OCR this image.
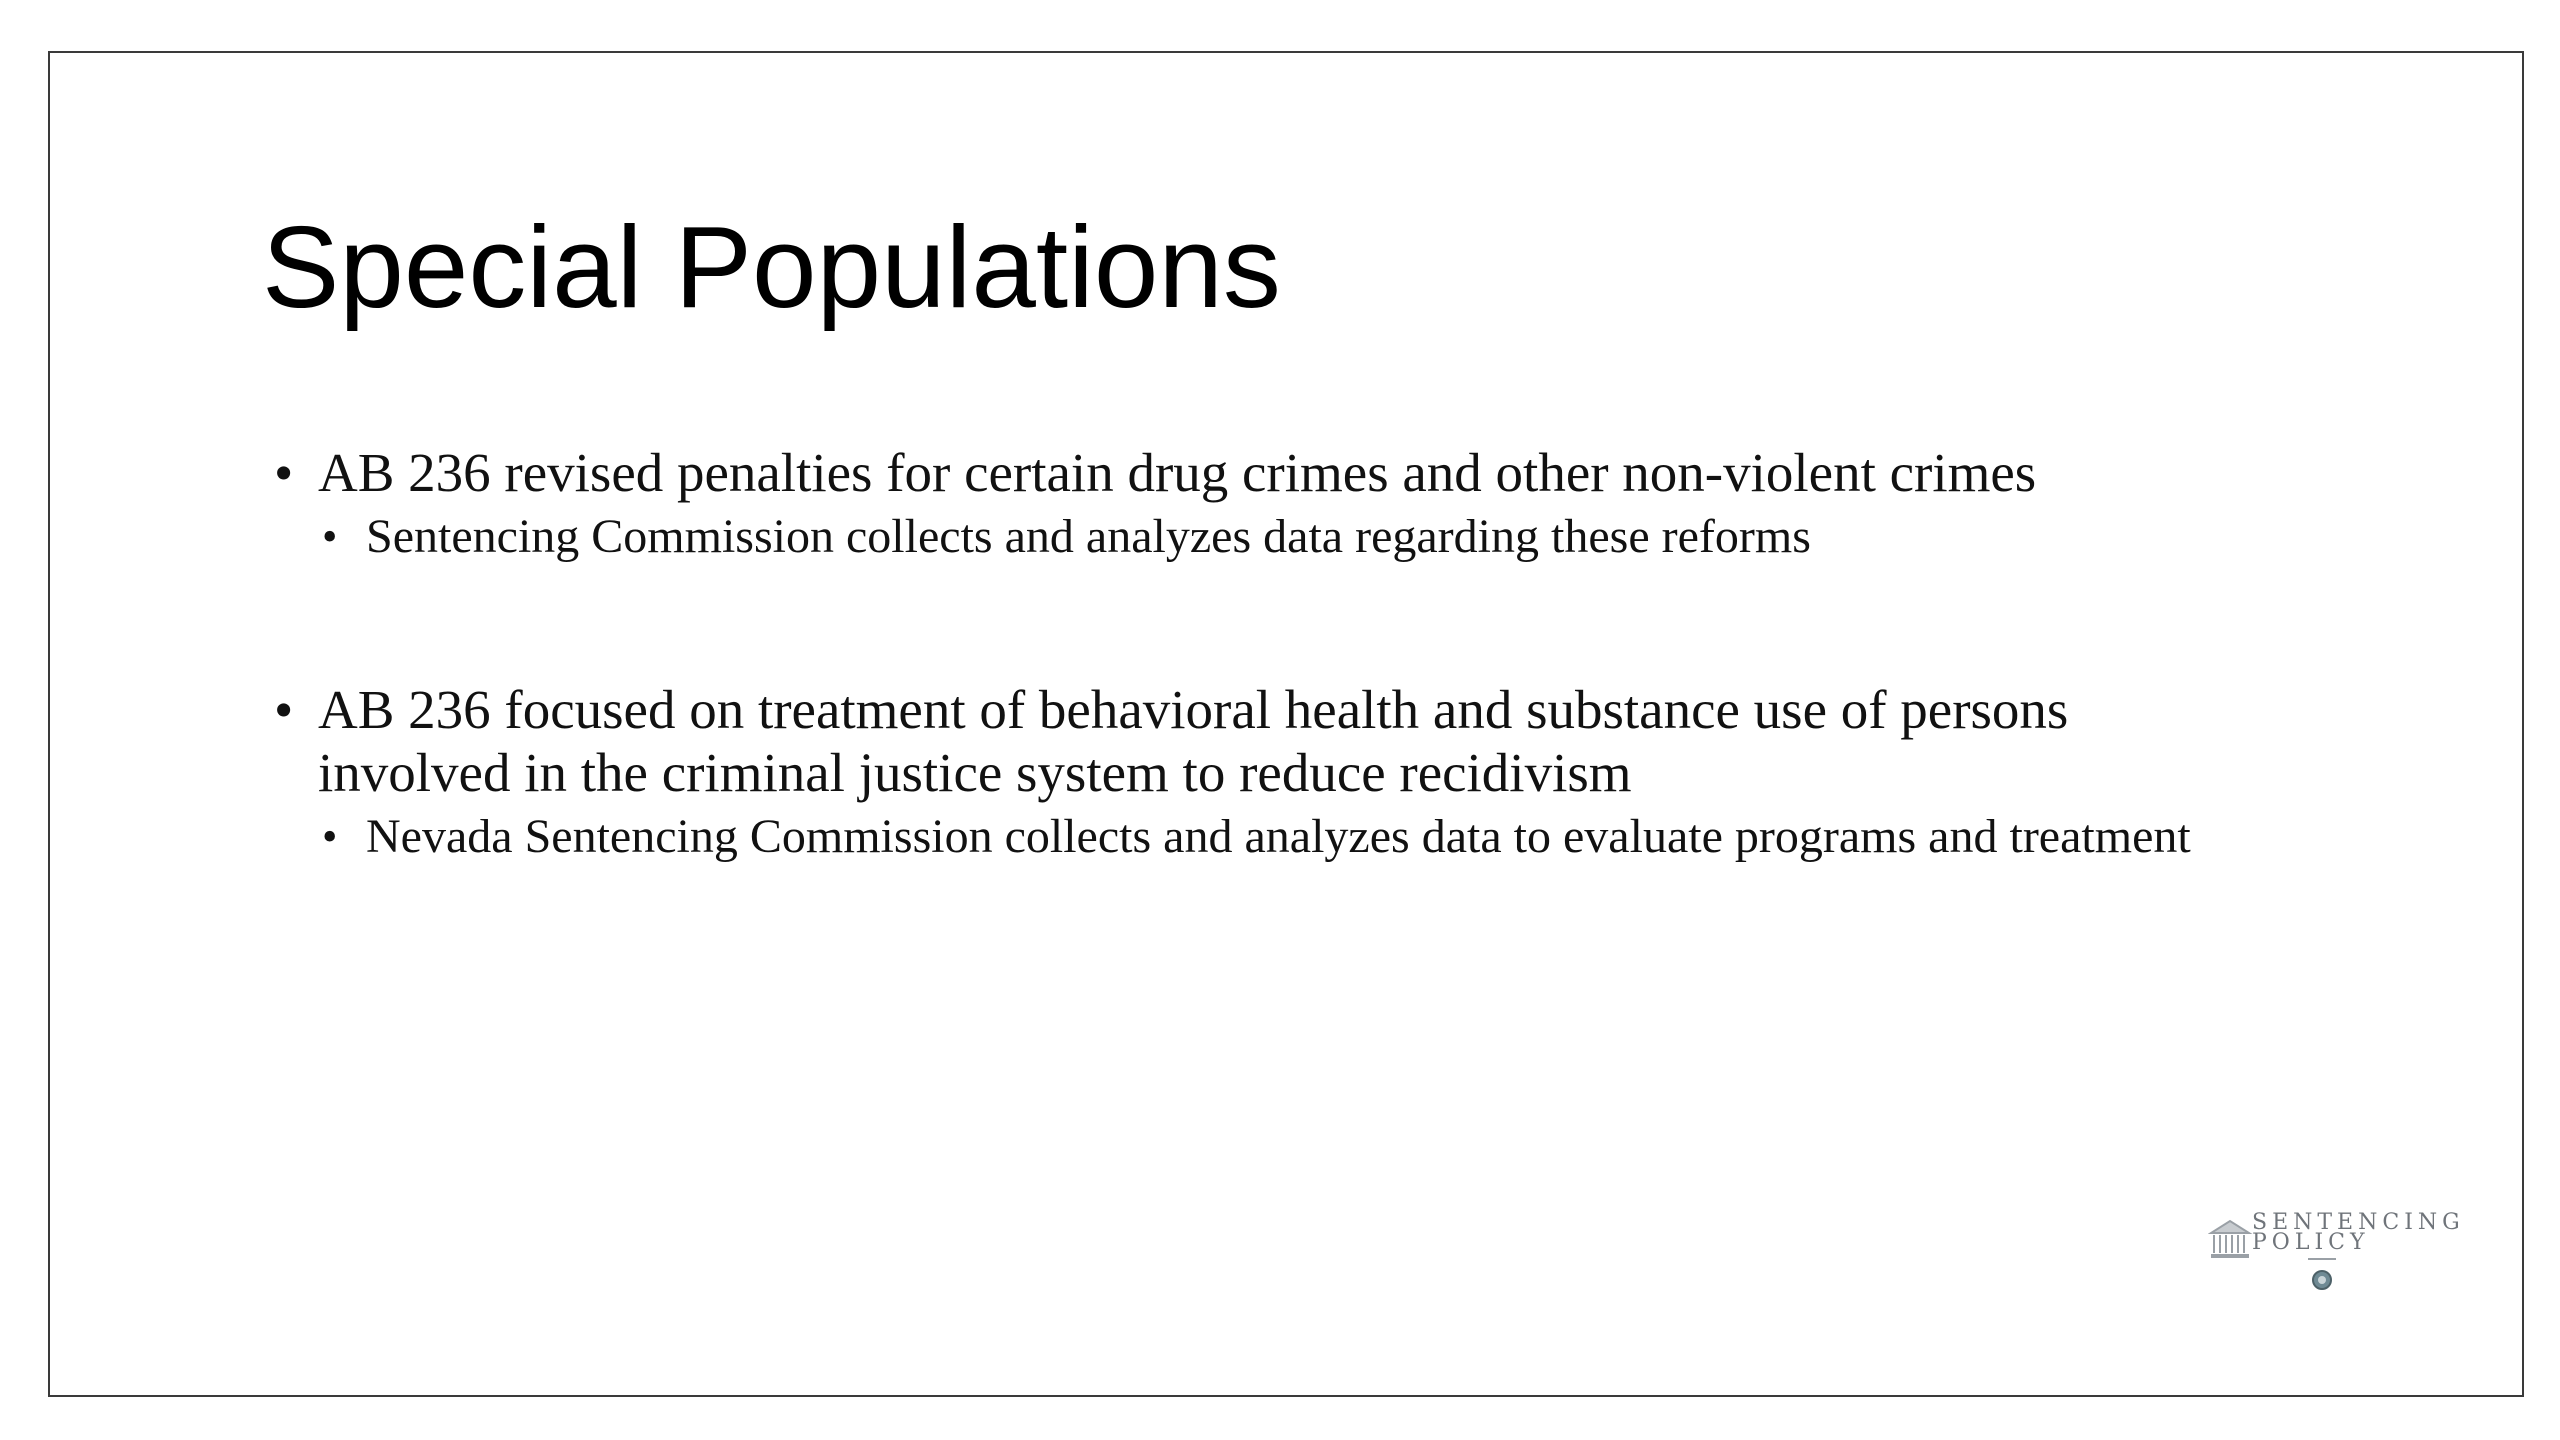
Special Populations
• AB 236 revised penalties for certain drug crimes and other non-violent crimes
• Sentencing Commission collects and analyzes data regarding these reforms
• AB 236 focused on treatment of behavioral health and substance use of persons involved in the criminal justice system to reduce recidivism
• Nevada Sentencing Commission collects and analyzes data to evaluate programs and treatment
SENTENCING
POLICY
